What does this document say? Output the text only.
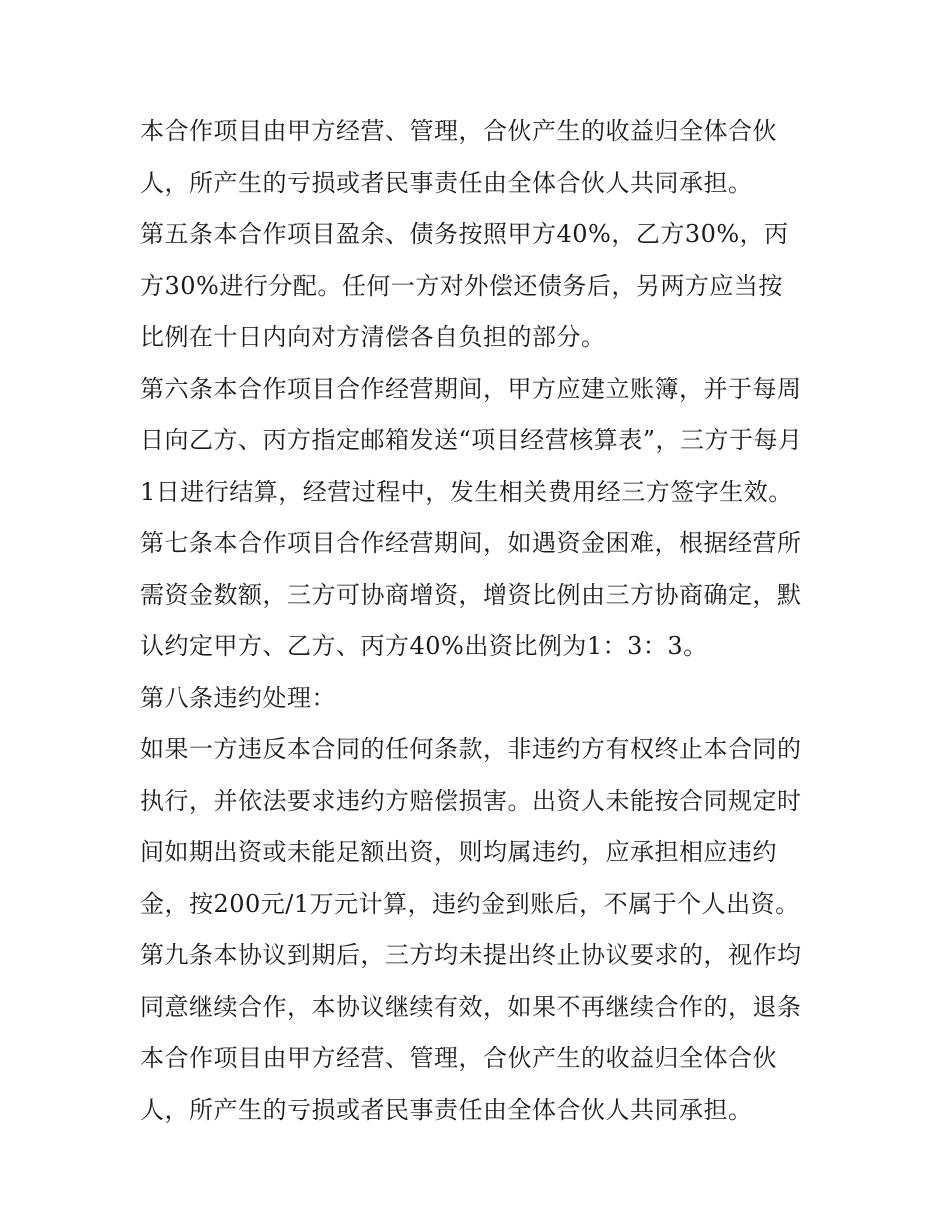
本合作项目由甲方经营、管理，合伙产生的收益归全体合伙
人，所产生的亏损或者民事责任由全体合伙人共同承担。
第五条本合作项目盈余、债务按照甲方40%，乙方30%，丙
方30%进行分配。任何一方对外偿还债务后，另两方应当按
比例在十日内向对方清偿各自负担的部分。
第六条本合作项目合作经营期间，甲方应建立账簿，并于每周
日向乙方、丙方指定邮箱发送“项目经营核算表”，三方于每月
1日进行结算，经营过程中，发生相关费用经三方签字生效。
第七条本合作项目合作经营期间，如遇资金困难，根据经营所
需资金数额，三方可协商增资，增资比例由三方协商确定，默
认约定甲方、乙方、丙方40%出资比例为1：3：3。
第八条违约处理：
如果一方违反本合同的任何条款，非违约方有权终止本合同的
执行，并依法要求违约方赔偿损害。出资人未能按合同规定时
间如期出资或未能足额出资，则均属违约，应承担相应违约
金，按200元/1万元计算，违约金到账后，不属于个人出资。
第九条本协议到期后，三方均未提出终止协议要求的，视作均
同意继续合作，本协议继续有效，如果不再继续合作的，退条
本合作项目由甲方经营、管理，合伙产生的收益归全体合伙
人，所产生的亏损或者民事责任由全体合伙人共同承担。
